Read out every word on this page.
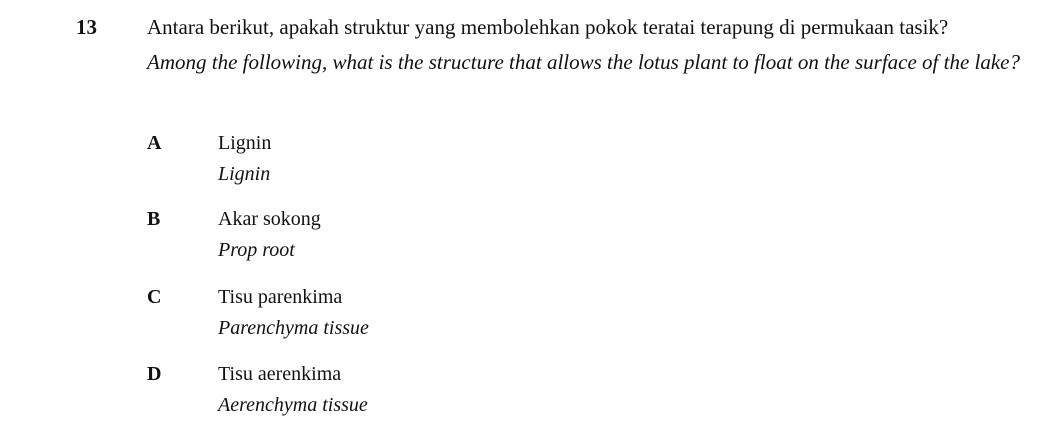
13 Antara berikut, apakah struktur yang membolehkan pokok teratai terapung di permukaan tasik?

Among the following, what is the structure that allows the lotus plant to float on the surface of the lake?

A	Lignin
Lignin
B	Akar sokong
Prop root
C	Tisu parenkima
Parenchyma tissue
D	Tisu aerenkima
Aerenchyma tissue
